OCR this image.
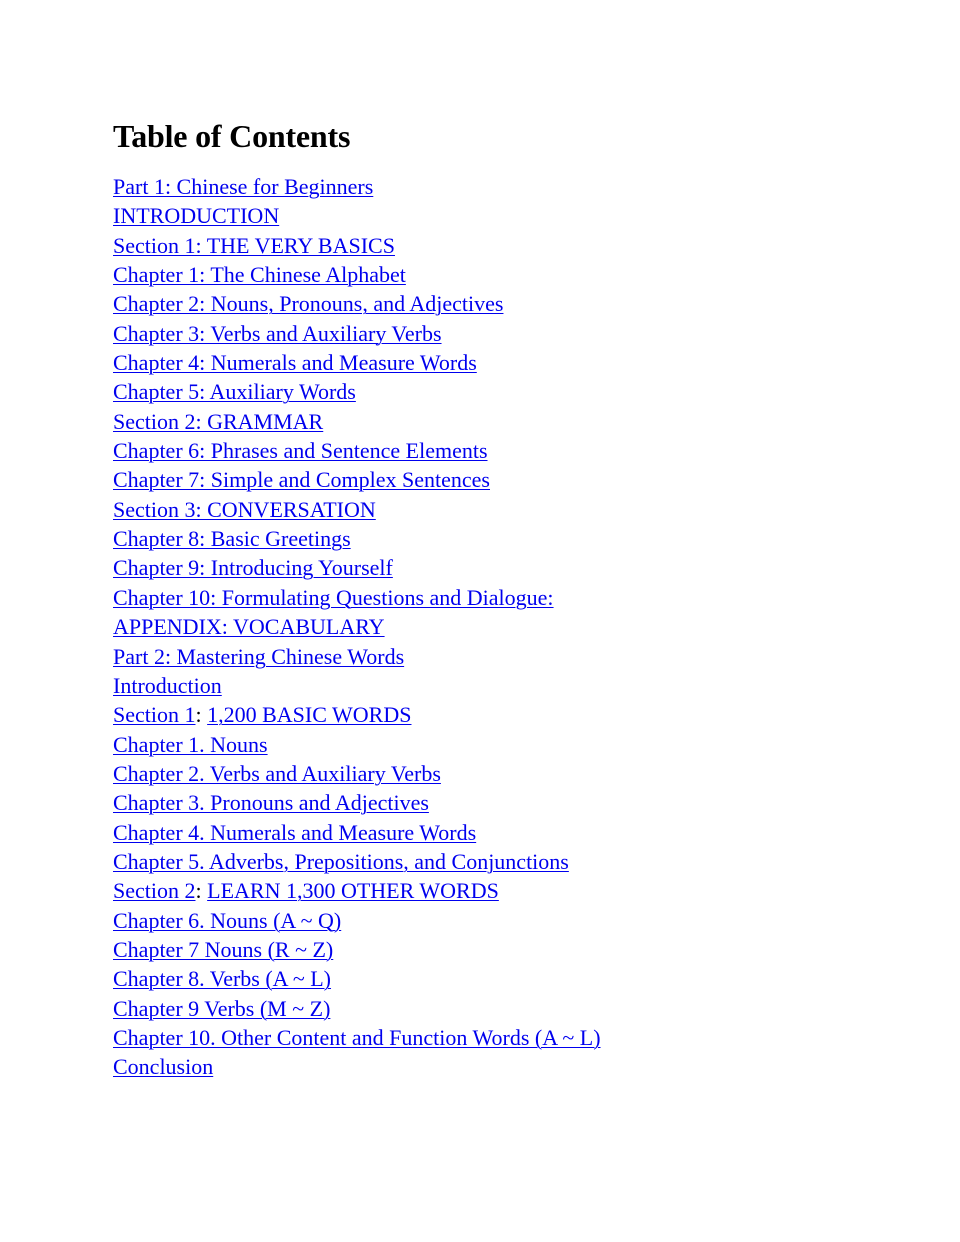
Table of Contents
Part 1: Chinese for Beginners
INTRODUCTION
Section 1: THE VERY BASICS
Chapter 1: The Chinese Alphabet
Chapter 2: Nouns, Pronouns, and Adjectives
Chapter 3: Verbs and Auxiliary Verbs
Chapter 4: Numerals and Measure Words
Chapter 5: Auxiliary Words
Section 2: GRAMMAR
Chapter 6: Phrases and Sentence Elements
Chapter 7: Simple and Complex Sentences
Section 3: CONVERSATION
Chapter 8: Basic Greetings
Chapter 9: Introducing Yourself
Chapter 10: Formulating Questions and Dialogue:
APPENDIX: VOCABULARY
Part 2: Mastering Chinese Words
Introduction
Section 1: 1,200 BASIC WORDS
Chapter 1. Nouns
Chapter 2. Verbs and Auxiliary Verbs
Chapter 3. Pronouns and Adjectives
Chapter 4. Numerals and Measure Words
Chapter 5. Adverbs, Prepositions, and Conjunctions
Section 2: LEARN 1,300 OTHER WORDS
Chapter 6. Nouns (A ~ Q)
Chapter 7 Nouns (R ~ Z)
Chapter 8. Verbs (A ~ L)
Chapter 9 Verbs (M ~ Z)
Chapter 10. Other Content and Function Words (A ~ L)
Conclusion
